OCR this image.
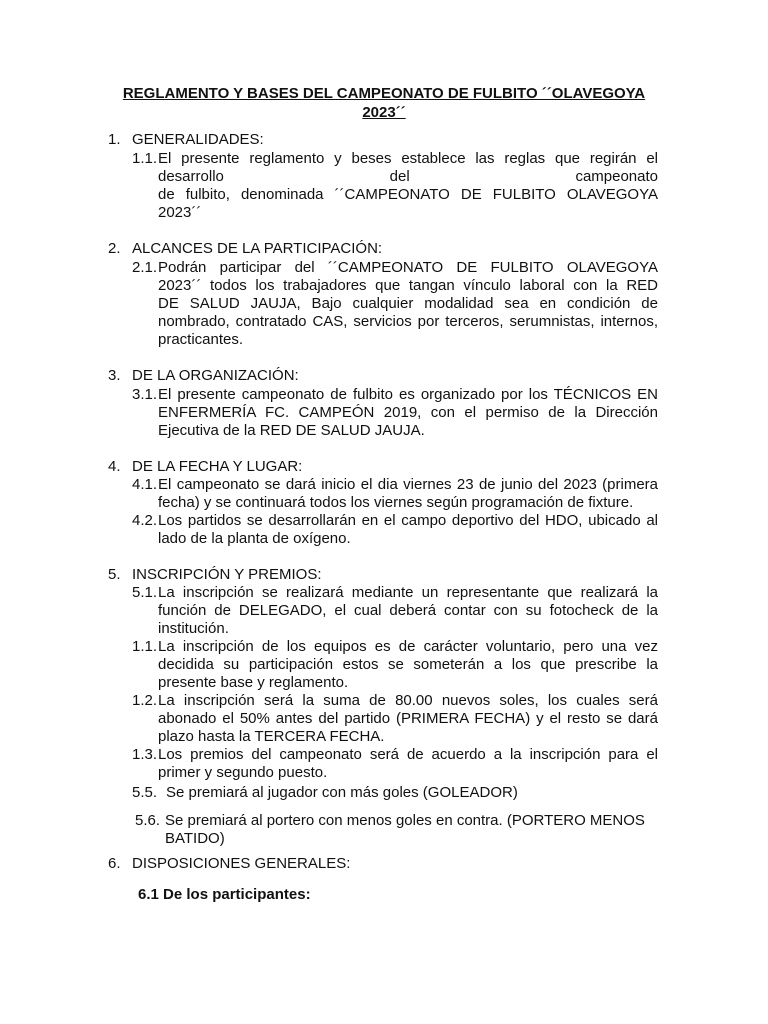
REGLAMENTO Y BASES DEL CAMPEONATO DE FULBITO ´´OLAVEGOYA 2023´´
1. GENERALIDADES:
1.1. El presente reglamento y beses establece las reglas que regirán el
desarrollo del campeonato
de fulbito, denominada ´´CAMPEONATO DE FULBITO OLAVEGOYA
2023´´
2. ALCANCES DE LA PARTICIPACIÓN:
2.1. Podrán participar del ´´CAMPEONATO DE FULBITO OLAVEGOYA
2023´´ todos los trabajadores que tangan vínculo laboral con la RED
DE SALUD JAUJA, Bajo cualquier modalidad sea en condición de
nombrado, contratado CAS, servicios por terceros, serumnistas, internos,
practicantes.
3. DE LA ORGANIZACIÓN:
3.1. El presente campeonato de fulbito es organizado por los TÉCNICOS EN
ENFERMERÍA FC. CAMPEÓN 2019, con el permiso de la Dirección
Ejecutiva de la RED DE SALUD JAUJA.
4. DE LA FECHA Y LUGAR:
4.1. El campeonato se dará inicio el dia viernes 23 de junio del 2023 (primera
fecha) y se continuará todos los viernes según programación de fixture.
4.2. Los partidos se desarrollarán en el campo deportivo del HDO, ubicado al
lado de la planta de oxígeno.
5. INSCRIPCIÓN Y PREMIOS:
5.1. La inscripción se realizará mediante un representante que realizará la
función de DELEGADO, el cual deberá contar con su fotocheck de la
institución.
1.1. La inscripción de los equipos es de carácter voluntario, pero una vez
decidida su participación estos se someterán a los que prescribe la
presente base y reglamento.
1.2. La inscripción será la suma de 80.00 nuevos soles, los cuales será
abonado el 50% antes del partido (PRIMERA FECHA) y el resto se dará
plazo hasta la TERCERA FECHA.
1.3. Los premios del campeonato será de acuerdo a la inscripción para el
primer y segundo puesto.
5.5. Se premiará al jugador con más goles (GOLEADOR)
5.6. Se premiará al portero con menos goles en contra. (PORTERO MENOS
BATIDO)
6. DISPOSICIONES GENERALES:
6.1 De los participantes:
